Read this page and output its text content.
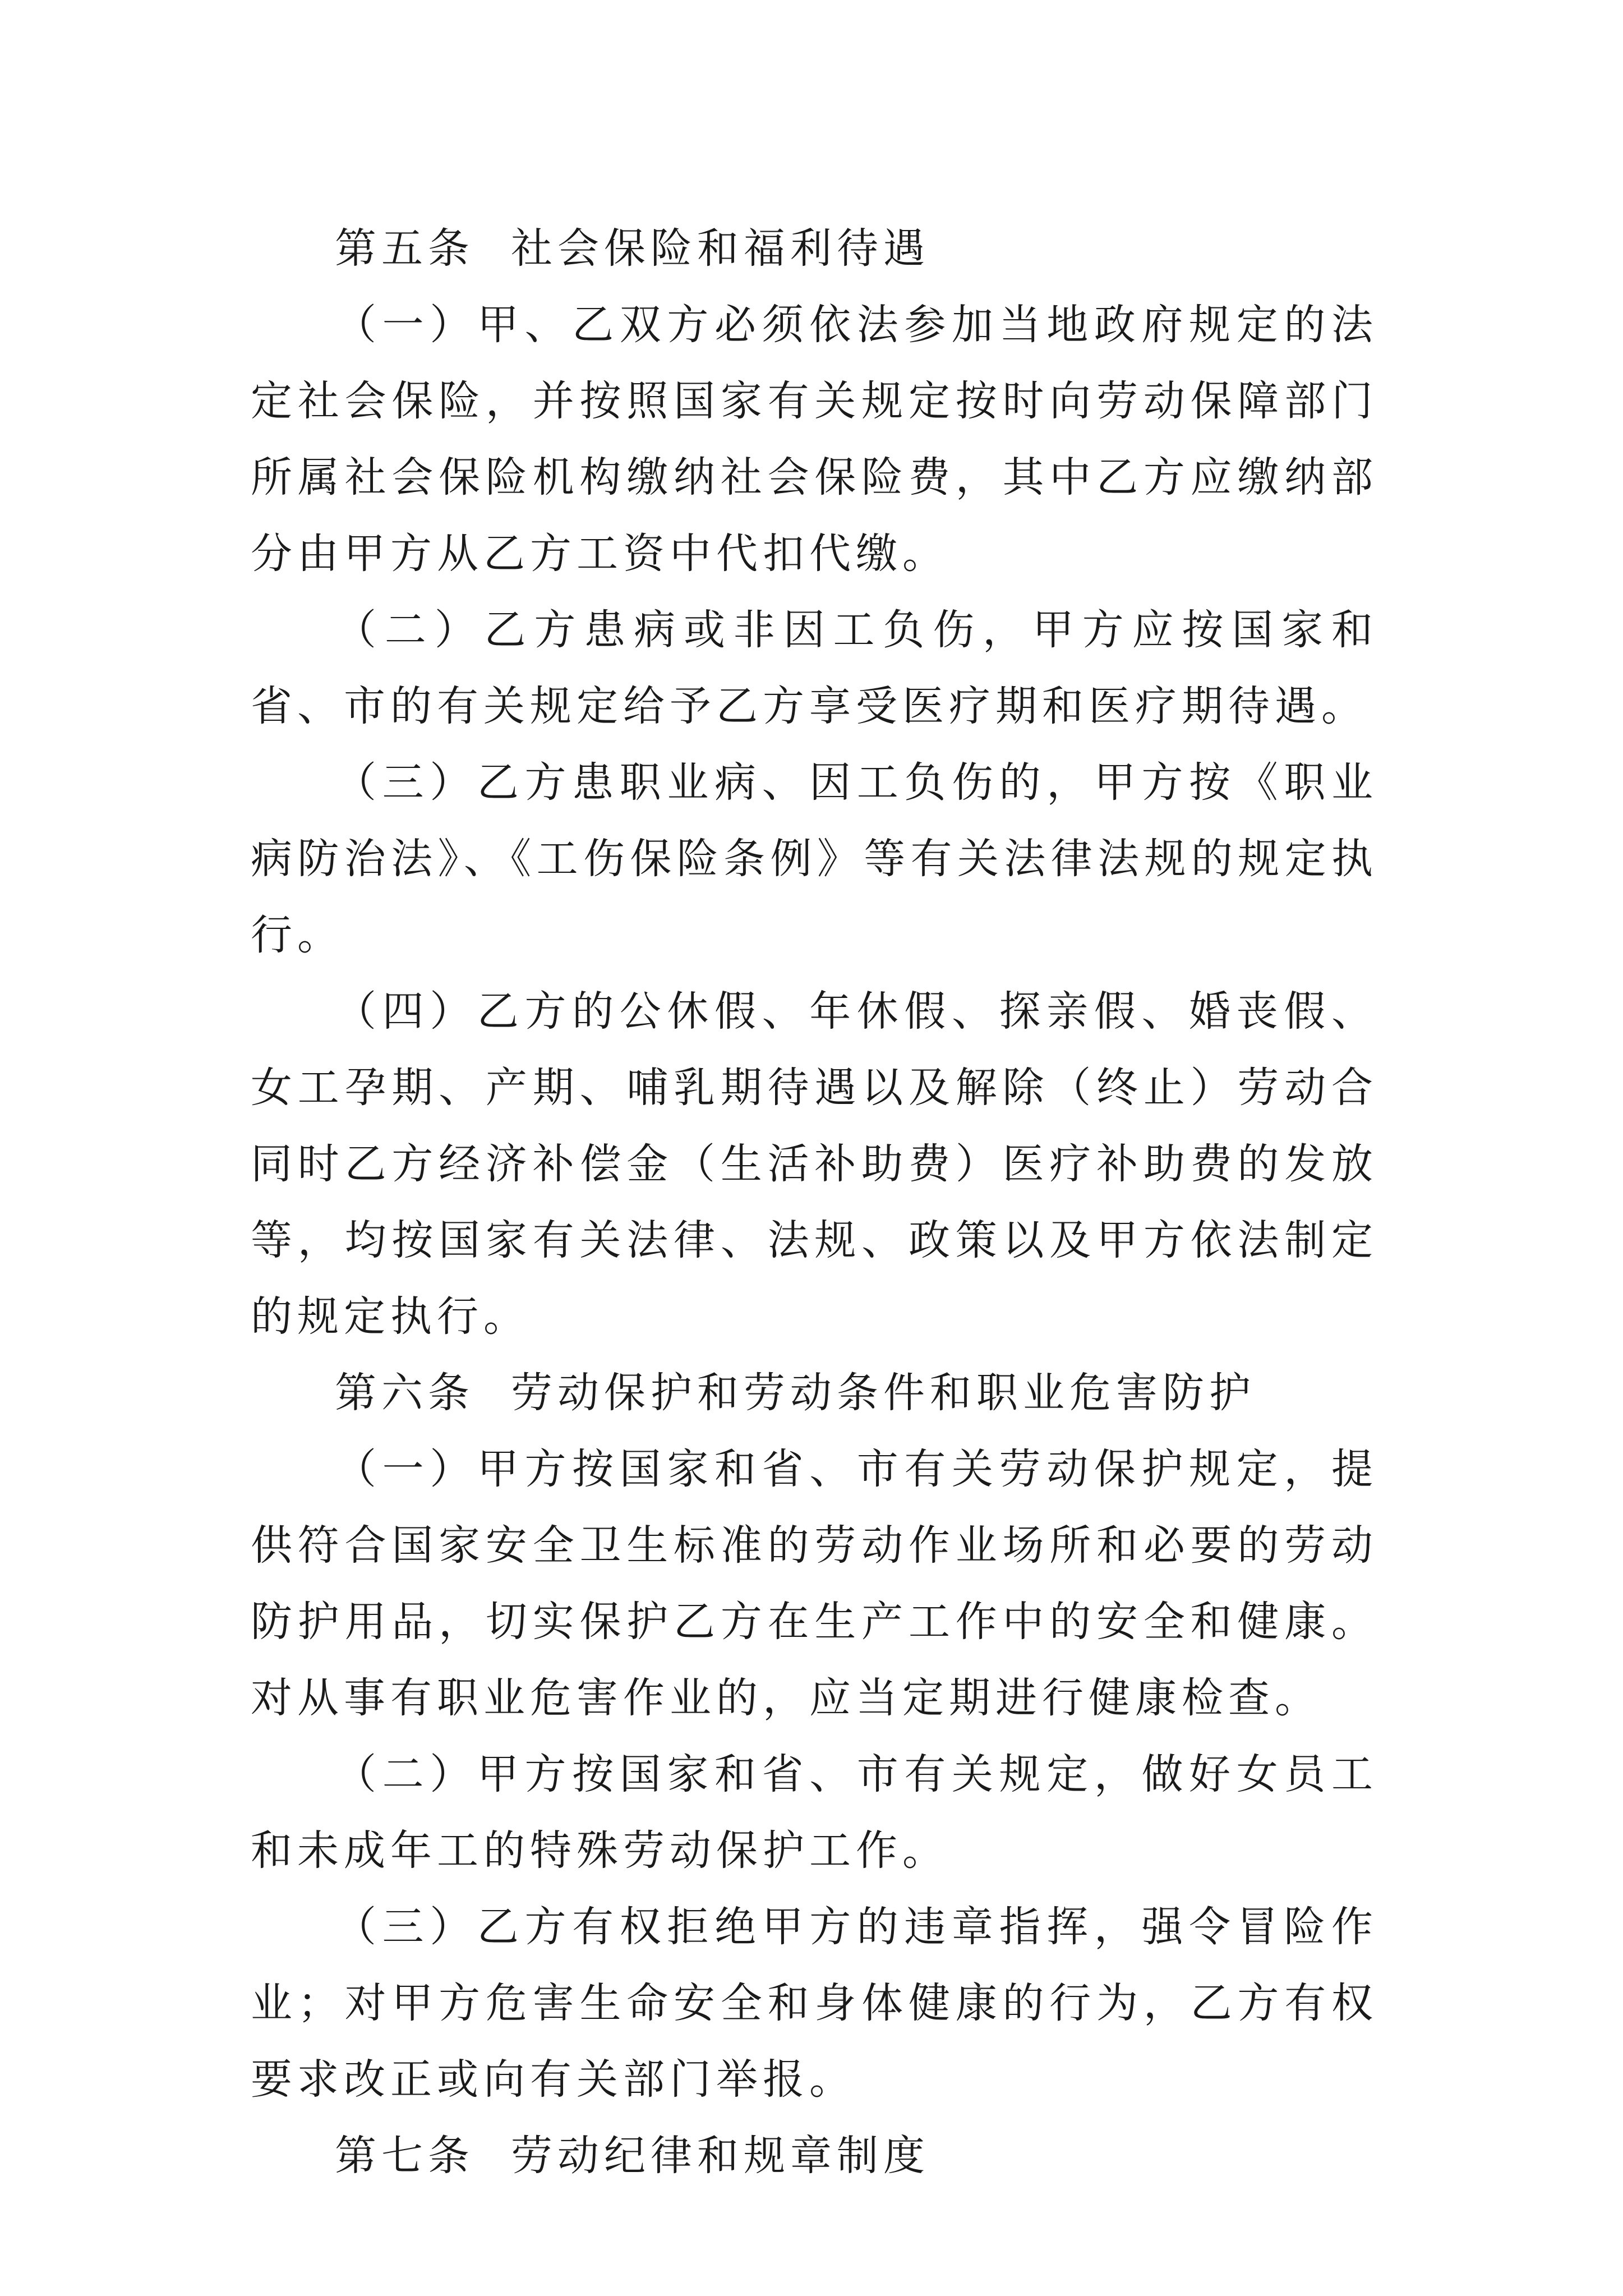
第五条  社会保险和福利待遇

（一）甲、乙双方必须依法参加当地政府规定的法定社会保险，并按照国家有关规定按时向劳动保障部门所属社会保险机构缴纳社会保险费，其中乙方应缴纳部分由甲方从乙方工资中代扣代缴。

（二）乙方患病或非因工负伤，甲方应按国家和省、市的有关规定给予乙方享受医疗期和医疗期待遇。

（三）乙方患职业病、因工负伤的，甲方按《职业病防治法》、《工伤保险条例》等有关法律法规的规定执行。

（四）乙方的公休假、年休假、探亲假、婚丧假、女工孕期、产期、哺乳期待遇以及解除（终止）劳动合同时乙方经济补偿金（生活补助费）医疗补助费的发放等，均按国家有关法律、法规、政策以及甲方依法制定的规定执行。

第六条  劳动保护和劳动条件和职业危害防护

（一）甲方按国家和省、市有关劳动保护规定，提供符合国家安全卫生标准的劳动作业场所和必要的劳动防护用品，切实保护乙方在生产工作中的安全和健康。对从事有职业危害作业的，应当定期进行健康检查。

（二）甲方按国家和省、市有关规定，做好女员工和未成年工的特殊劳动保护工作。

（三）乙方有权拒绝甲方的违章指挥，强令冒险作业；对甲方危害生命安全和身体健康的行为，乙方有权要求改正或向有关部门举报。

第七条  劳动纪律和规章制度
